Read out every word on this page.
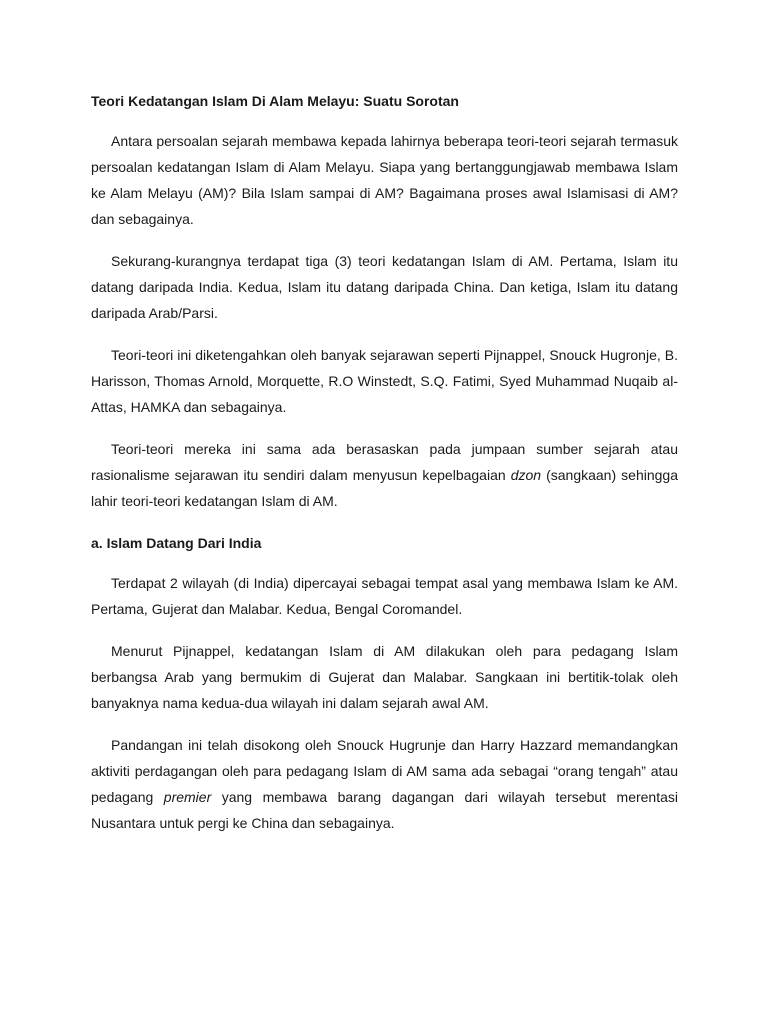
Teori Kedatangan Islam Di Alam Melayu: Suatu Sorotan

Antara persoalan sejarah membawa kepada lahirnya beberapa teori-teori sejarah termasuk persoalan kedatangan Islam di Alam Melayu. Siapa yang bertanggungjawab membawa Islam ke Alam Melayu (AM)? Bila Islam sampai di AM? Bagaimana proses awal Islamisasi di AM? dan sebagainya.

Sekurang-kurangnya terdapat tiga (3) teori kedatangan Islam di AM. Pertama, Islam itu datang daripada India. Kedua, Islam itu datang daripada China. Dan ketiga, Islam itu datang daripada Arab/Parsi.

Teori-teori ini diketengahkan oleh banyak sejarawan seperti Pijnappel, Snouck Hugronje, B. Harisson, Thomas Arnold, Morquette, R.O Winstedt, S.Q. Fatimi, Syed Muhammad Nuqaib al-Attas, HAMKA dan sebagainya.

Teori-teori mereka ini sama ada berasaskan pada jumpaan sumber sejarah atau rasionalisme sejarawan itu sendiri dalam menyusun kepelbagaian dzon (sangkaan) sehingga lahir teori-teori kedatangan Islam di AM.

a. Islam Datang Dari India

Terdapat 2 wilayah (di India) dipercayai sebagai tempat asal yang membawa Islam ke AM. Pertama, Gujerat dan Malabar. Kedua, Bengal Coromandel.

Menurut Pijnappel, kedatangan Islam di AM dilakukan oleh para pedagang Islam berbangsa Arab yang bermukim di Gujerat dan Malabar. Sangkaan ini bertitik-tolak oleh banyaknya nama kedua-dua wilayah ini dalam sejarah awal AM.

Pandangan ini telah disokong oleh Snouck Hugrunje dan Harry Hazzard memandangkan aktiviti perdagangan oleh para pedagang Islam di AM sama ada sebagai “orang tengah” atau pedagang premier yang membawa barang dagangan dari wilayah tersebut merentasi Nusantara untuk pergi ke China dan sebagainya.
